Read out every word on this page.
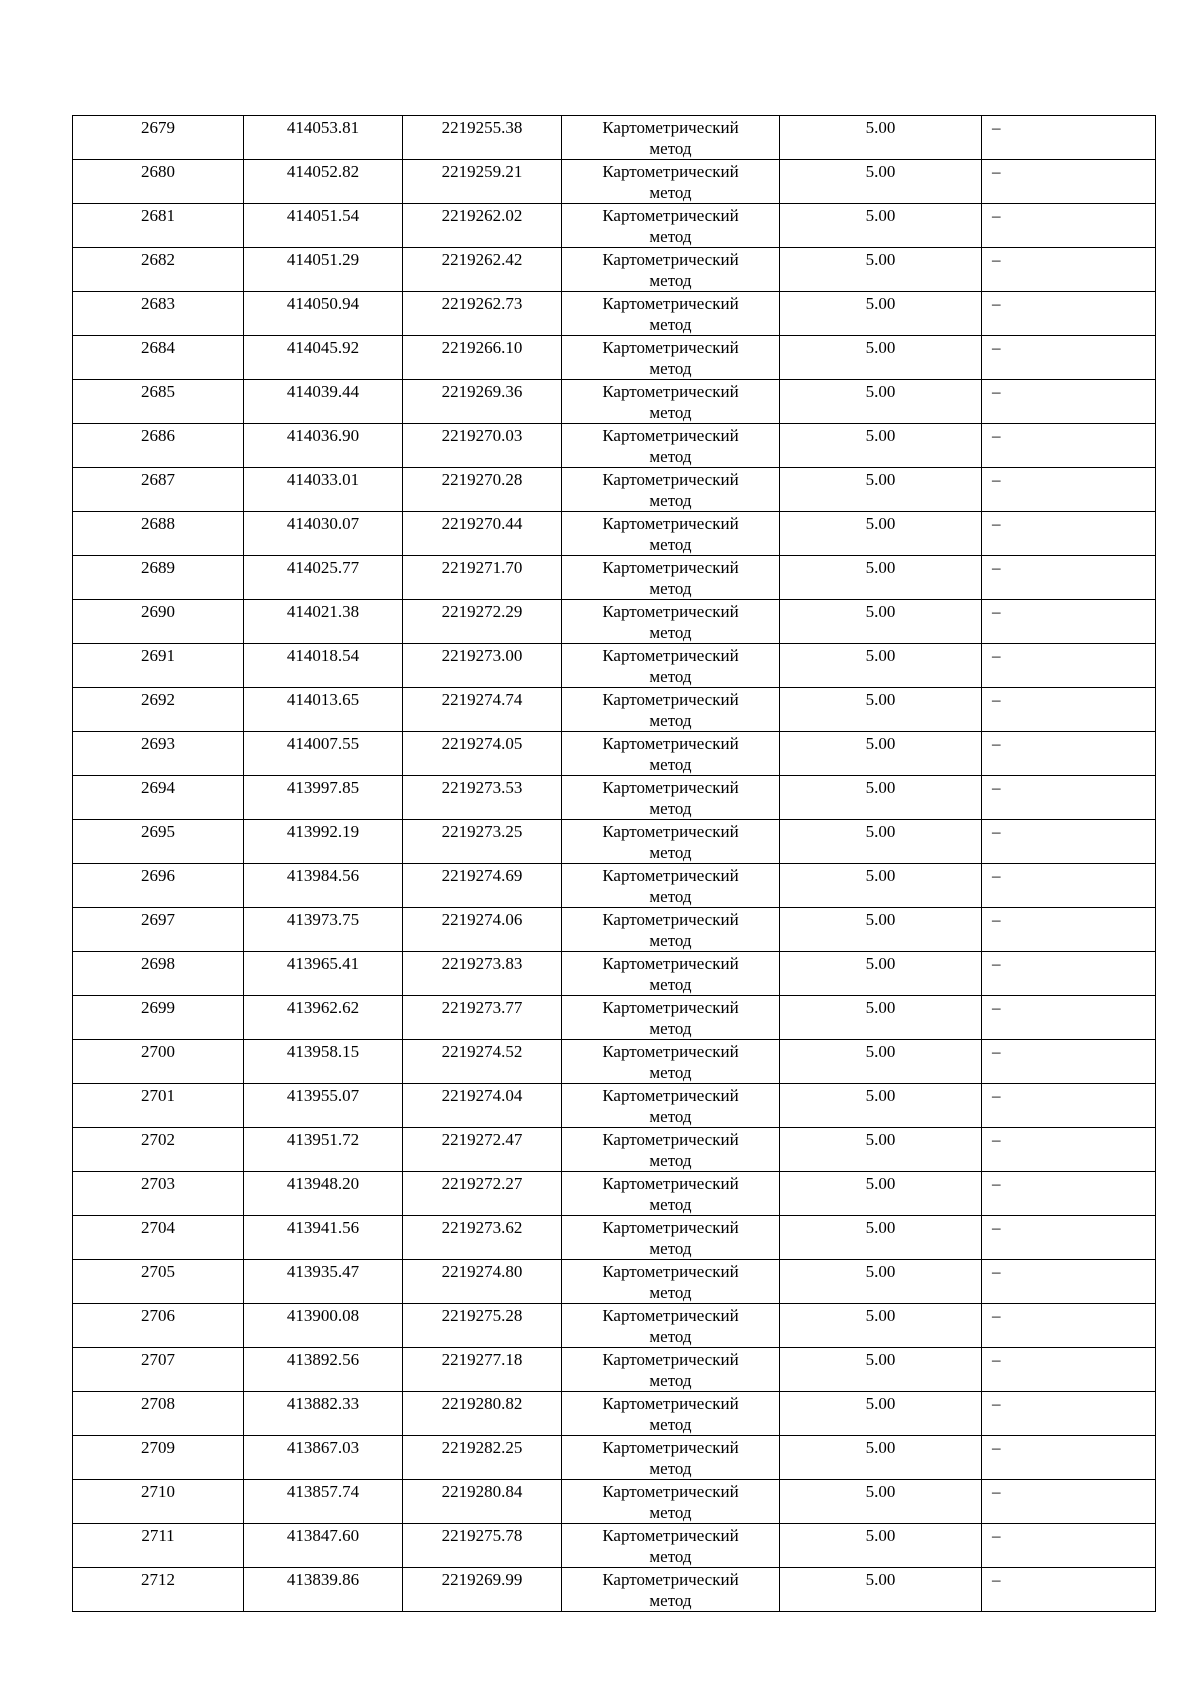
2679	414053.81	2219255.38	Картометрический
метод	5.00	–

2680	414052.82	2219259.21	Картометрический
метод	5.00	–

2681	414051.54	2219262.02	Картометрический
метод	5.00	–

2682	414051.29	2219262.42	Картометрический
метод	5.00	–

2683	414050.94	2219262.73	Картометрический
метод	5.00	–

2684	414045.92	2219266.10	Картометрический
метод	5.00	–

2685	414039.44	2219269.36	Картометрический
метод	5.00	–

2686	414036.90	2219270.03	Картометрический
метод	5.00	–

2687	414033.01	2219270.28	Картометрический
метод	5.00	–

2688	414030.07	2219270.44	Картометрический
метод	5.00	–

2689	414025.77	2219271.70	Картометрический
метод	5.00	–

2690	414021.38	2219272.29	Картометрический
метод	5.00	–

2691	414018.54	2219273.00	Картометрический
метод	5.00	–

2692	414013.65	2219274.74	Картометрический
метод	5.00	–

2693	414007.55	2219274.05	Картометрический
метод	5.00	–

2694	413997.85	2219273.53	Картометрический
метод	5.00	–

2695	413992.19	2219273.25	Картометрический
метод	5.00	–

2696	413984.56	2219274.69	Картометрический
метод	5.00	–

2697	413973.75	2219274.06	Картометрический
метод	5.00	–

2698	413965.41	2219273.83	Картометрический
метод	5.00	–

2699	413962.62	2219273.77	Картометрический
метод	5.00	–

2700	413958.15	2219274.52	Картометрический
метод	5.00	–

2701	413955.07	2219274.04	Картометрический
метод	5.00	–

2702	413951.72	2219272.47	Картометрический
метод	5.00	–

2703	413948.20	2219272.27	Картометрический
метод	5.00	–

2704	413941.56	2219273.62	Картометрический
метод	5.00	–

2705	413935.47	2219274.80	Картометрический
метод	5.00	–

2706	413900.08	2219275.28	Картометрический
метод	5.00	–

2707	413892.56	2219277.18	Картометрический
метод	5.00	–

2708	413882.33	2219280.82	Картометрический
метод	5.00	–

2709	413867.03	2219282.25	Картометрический
метод	5.00	–

2710	413857.74	2219280.84	Картометрический
метод	5.00	–

2711	413847.60	2219275.78	Картометрический
метод	5.00	–

2712	413839.86	2219269.99	Картометрический
метод	5.00	–
